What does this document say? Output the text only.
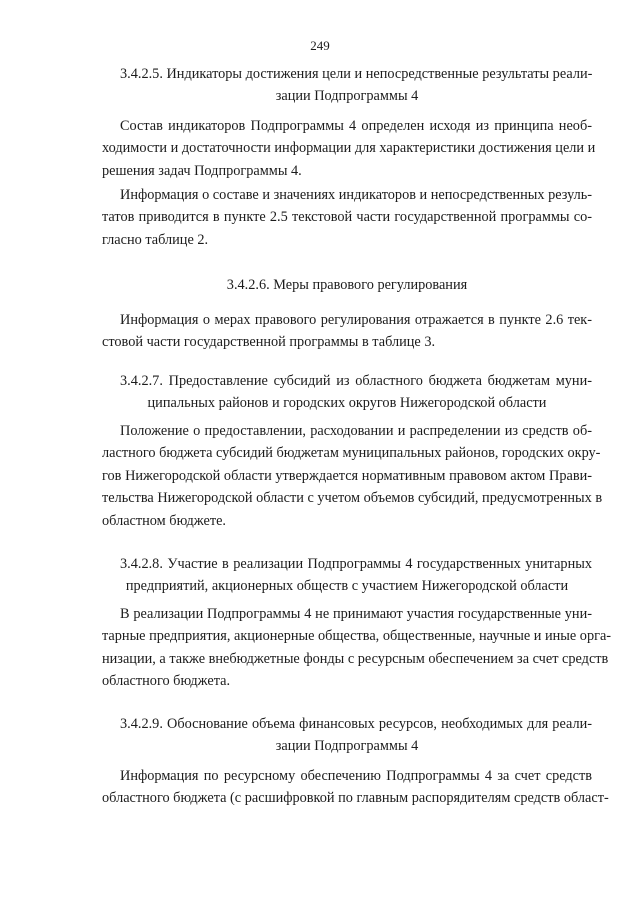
249
3.4.2.5. Индикаторы достижения цели и непосредственные результаты реали-
зации Подпрограммы 4
Состав индикаторов Подпрограммы 4 определен исходя из принципа необ-
ходимости и достаточности информации для характеристики достижения цели и
решения задач Подпрограммы 4.
Информация о составе и значениях индикаторов и непосредственных резуль-
татов приводится в пункте 2.5 текстовой части государственной программы со-
гласно таблице 2.
3.4.2.6. Меры правового регулирования
Информация о мерах правового регулирования отражается в пункте 2.6 тек-
стовой части государственной программы в таблице 3.
3.4.2.7. Предоставление субсидий из областного бюджета бюджетам муни-
ципальных районов и городских округов Нижегородской области
Положение о предоставлении, расходовании и распределении из средств об-
ластного бюджета субсидий бюджетам муниципальных районов, городских окру-
гов Нижегородской области утверждается нормативным правовом актом Прави-
тельства Нижегородской области с учетом объемов субсидий, предусмотренных в
областном бюджете.
3.4.2.8. Участие в реализации Подпрограммы 4 государственных унитарных
предприятий, акционерных обществ с участием Нижегородской области
В реализации Подпрограммы 4 не принимают участия государственные уни-
тарные предприятия, акционерные общества, общественные, научные и иные орга-
низации, а также внебюджетные фонды с ресурсным обеспечением за счет средств
областного бюджета.
3.4.2.9. Обоснование объема финансовых ресурсов, необходимых для реали-
зации Подпрограммы 4
Информация по ресурсному обеспечению Подпрограммы 4 за счет средств
областного бюджета (с расшифровкой по главным распорядителям средств област-
